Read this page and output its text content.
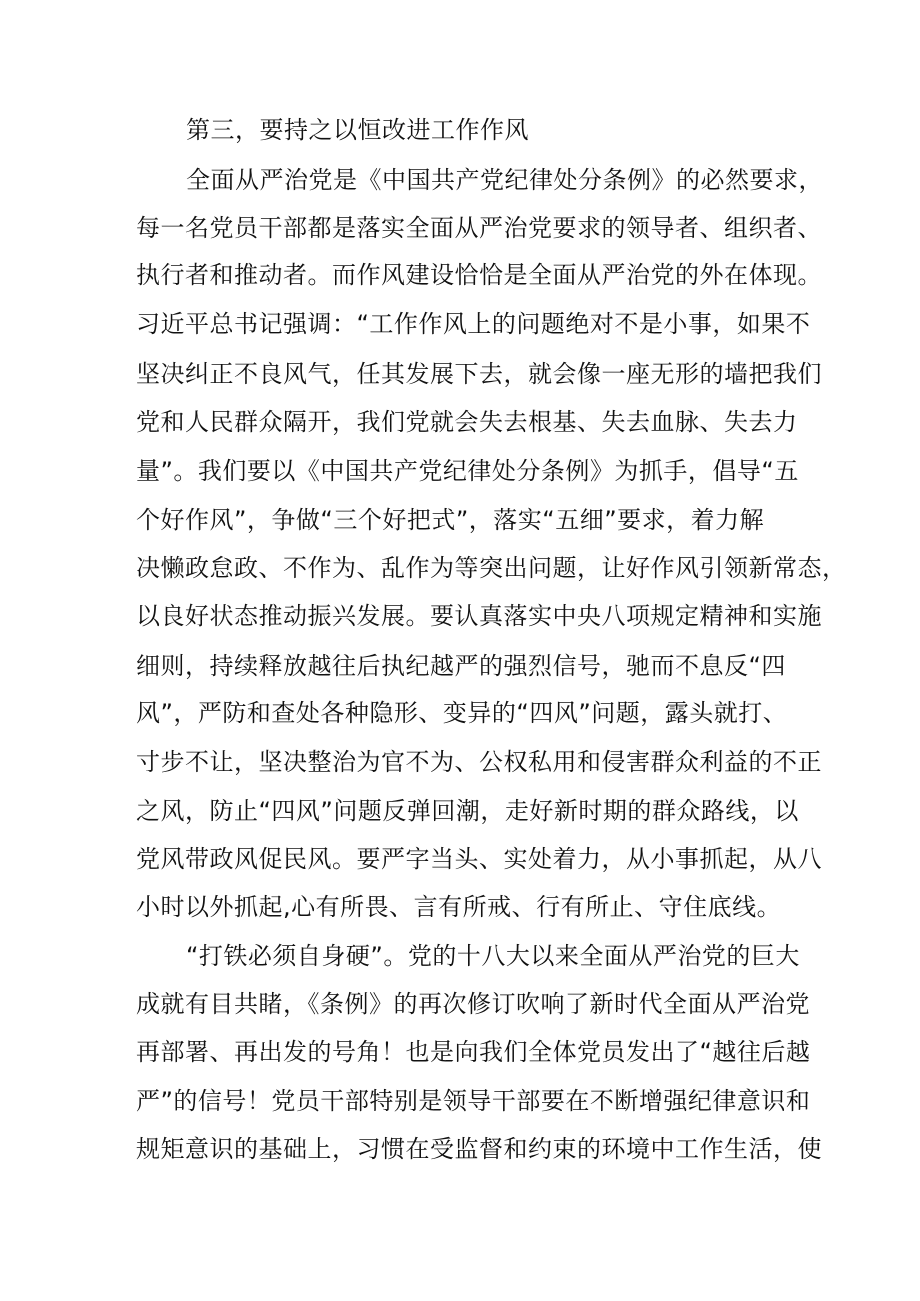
第三，要持之以恒改进工作作风
全面从严治党是《中国共产党纪律处分条例》的必然要求，
每一名党员干部都是落实全面从严治党要求的领导者、组织者、
执行者和推动者。而作风建设恰恰是全面从严治党的外在体现。
习近平总书记强调：“工作作风上的问题绝对不是小事，如果不
坚决纠正不良风气，任其发展下去，就会像一座无形的墙把我们
党和人民群众隔开，我们党就会失去根基、失去血脉、失去力
量”。我们要以《中国共产党纪律处分条例》为抓手，倡导“五
个好作风”，争做“三个好把式”，落实“五细”要求，着力解
决懒政怠政、不作为、乱作为等突出问题，让好作风引领新常态，
以良好状态推动振兴发展。要认真落实中央八项规定精神和实施
细则，持续释放越往后执纪越严的强烈信号，驰而不息反“四
风”，严防和查处各种隐形、变异的“四风”问题，露头就打、
寸步不让，坚决整治为官不为、公权私用和侵害群众利益的不正
之风，防止“四风”问题反弹回潮，走好新时期的群众路线，以
党风带政风促民风。要严字当头、实处着力，从小事抓起，从八
小时以外抓起,心有所畏、言有所戒、行有所止、守住底线。
“打铁必须自身硬”。党的十八大以来全面从严治党的巨大
成就有目共睹，《条例》的再次修订吹响了新时代全面从严治党
再部署、再出发的号角！也是向我们全体党员发出了“越往后越
严”的信号！党员干部特别是领导干部要在不断增强纪律意识和
规矩意识的基础上，习惯在受监督和约束的环境中工作生活，使
